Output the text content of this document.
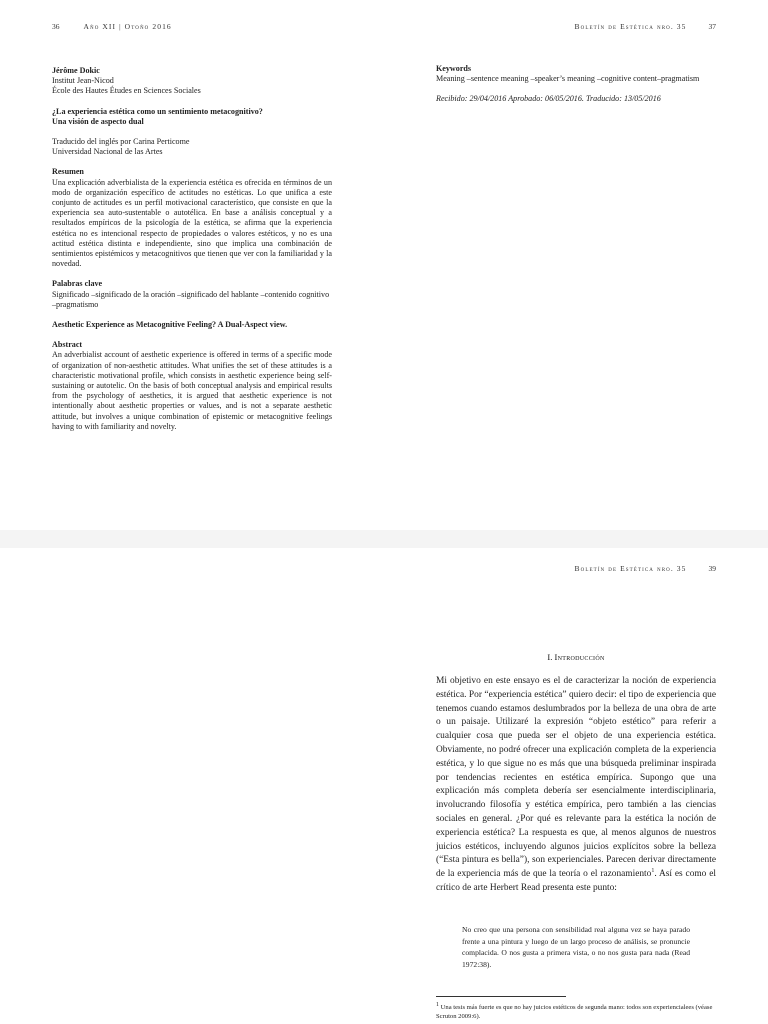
36	Año XII | Otoño 2016	Boletín de Estética nro. 35	37
Jérôme Dokic
Institut Jean-Nicod
École des Hautes Études en Sciences Sociales
¿La experiencia estética como un sentimiento metacognitivo?
Una visión de aspecto dual
Traducido del inglés por Carina Perticome
Universidad Nacional de las Artes
Resumen
Una explicación adverbialista de la experiencia estética es ofrecida en términos de un modo de organización específico de actitudes no estéticas. Lo que unifica a este conjunto de actitudes es un perfil motivacional característico, que consiste en que la experiencia sea auto-sustentable o autotélica. En base a análisis conceptual y a resultados empíricos de la psicología de la estética, se afirma que la experiencia estética no es intencional respecto de propiedades o valores estéticos, y no es una actitud estética distinta e independiente, sino que implica una combinación de sentimientos epistémicos y metacognitivos que tienen que ver con la familiaridad y la novedad.
Palabras clave
Significado –significado de la oración –significado del hablante –contenido cognitivo –pragmatismo
Aesthetic Experience as Metacognitive Feeling? A Dual-Aspect view.
Abstract
An adverbialist account of aesthetic experience is offered in terms of a specific mode of organization of non-aesthetic attitudes. What unifies the set of these attitudes is a characteristic motivational profile, which consists in aesthetic experience being self-sustaining or autotelic. On the basis of both conceptual analysis and empirical results from the psychology of aesthetics, it is argued that aesthetic experience is not intentionally about aesthetic properties or values, and is not a separate aesthetic attitude, but involves a unique combination of epistemic or metacognitive feelings having to with familiarity and novelty.
Keywords
Meaning –sentence meaning –speaker’s meaning –cognitive content–pragmatism
Recibido: 29/04/2016 Aprobado: 06/05/2016. Traducido: 13/05/2016
Boletín de Estética nro. 35	39
I. Introducción
Mi objetivo en este ensayo es el de caracterizar la noción de experiencia estética. Por “experiencia estética” quiero decir: el tipo de experiencia que tenemos cuando estamos deslumbrados por la belleza de una obra de arte o un paisaje. Utilizaré la expresión “objeto estético” para referir a cualquier cosa que pueda ser el objeto de una experiencia estética. Obviamente, no podré ofrecer una explicación completa de la experiencia estética, y lo que sigue no es más que una búsqueda preliminar inspirada por tendencias recientes en estética empírica. Supongo que una explicación más completa debería ser esencialmente interdisciplinaria, involucrando filosofía y estética empírica, pero también a las ciencias sociales en general. ¿Por qué es relevante para la estética la noción de experiencia estética? La respuesta es que, al menos algunos de nuestros juicios estéticos, incluyendo algunos juicios explícitos sobre la belleza (“Esta pintura es bella”), son experienciales. Parecen derivar directamente de la experiencia más de que la teoría o el razonamiento$^1$. Así es como el crítico de arte Herbert Read presenta este punto:
No creo que una persona con sensibilidad real alguna vez se haya parado frente a una pintura y luego de un largo proceso de análisis, se pronuncie complacida. O nos gusta a primera vista, o no nos gusta para nada (Read 1972:38).
$^1$ Una tesis más fuerte es que no hay juicios estéticos de segunda mano: todos son experiencialees (véase Scruton 2009:6).
